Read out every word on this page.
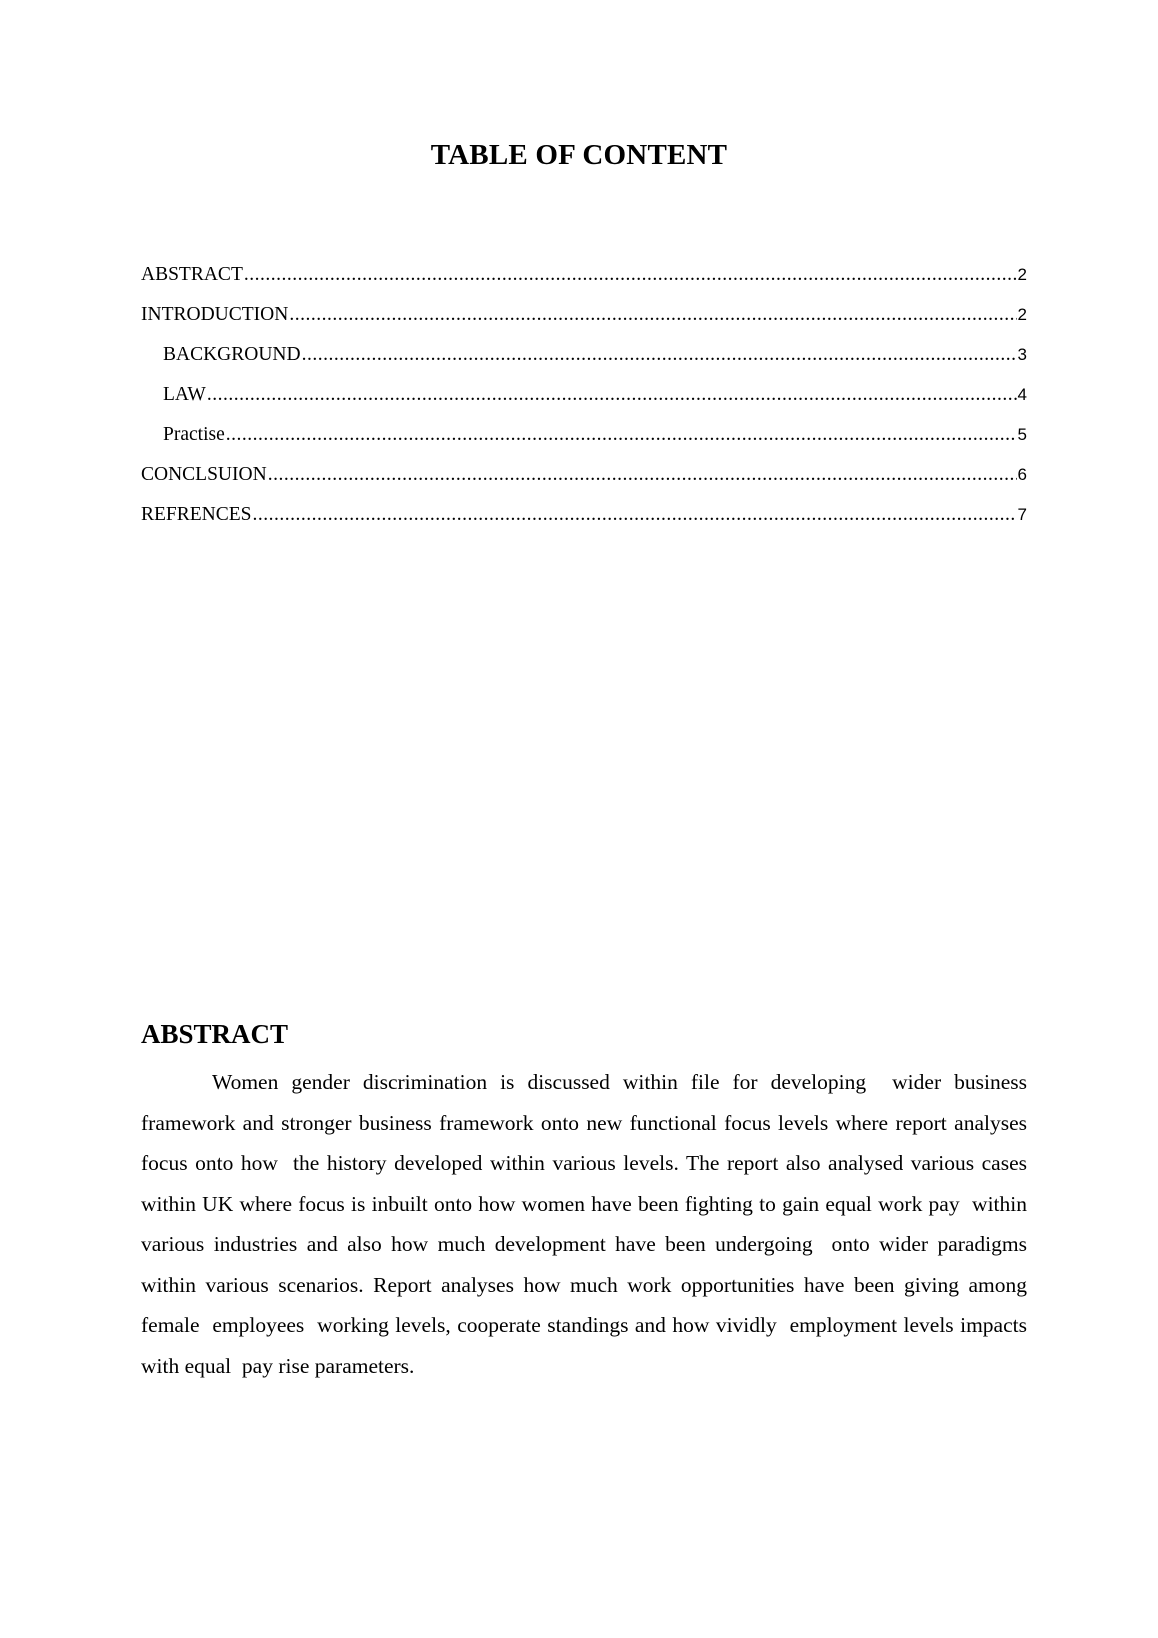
TABLE OF CONTENT
ABSTRACT .....	2
INTRODUCTION .....	2
BACKGROUND .....	3
LAW .....	4
Practise .....	5
CONCLSUION .....	6
REFRENCES .....	7
ABSTRACT

Women gender discrimination is discussed within file for developing  wider business framework and stronger business framework onto new functional focus levels where report analyses focus onto how  the history developed within various levels. The report also analysed various cases within UK where focus is inbuilt onto how women have been fighting to gain equal work pay  within various industries and also how much development have been undergoing  onto wider paradigms within various scenarios. Report analyses how much work opportunities have been giving among female  employees  working levels, cooperate standings and how vividly  employment levels impacts with equal  pay rise parameters.
